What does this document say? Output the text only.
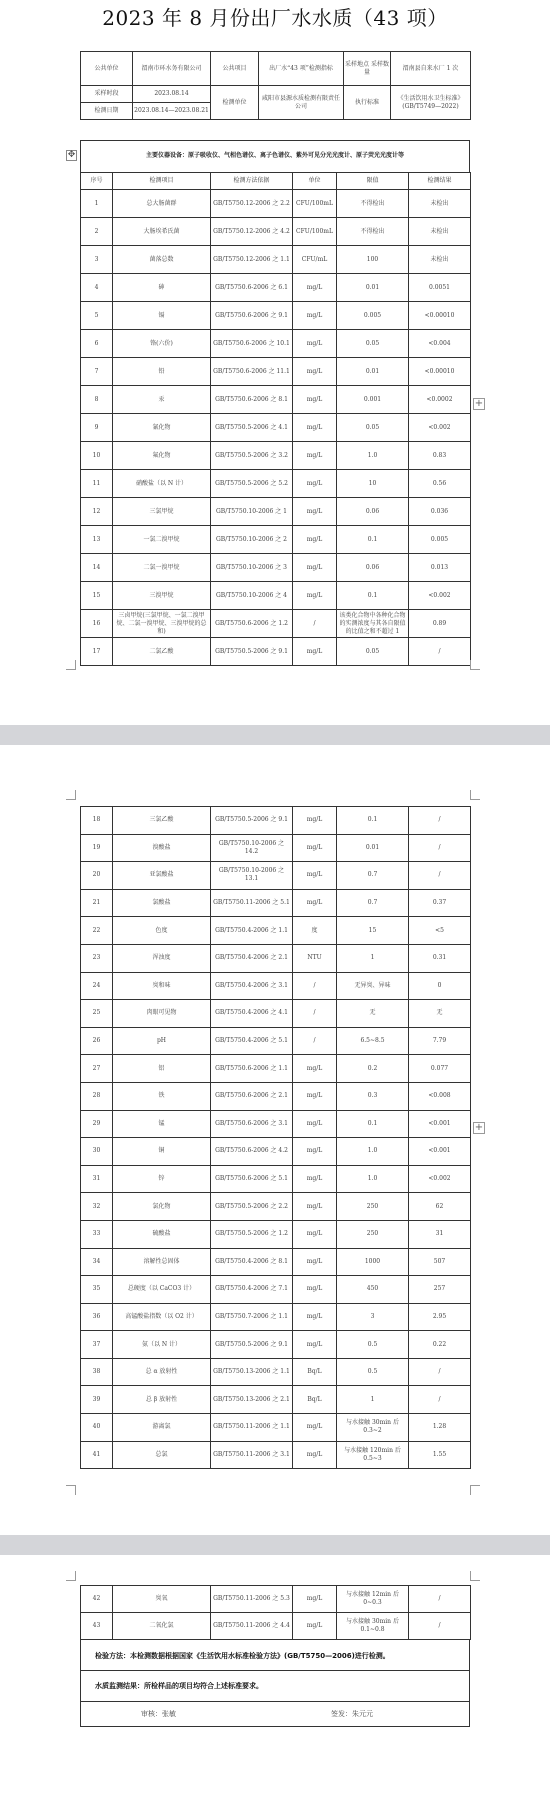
2023 年 8 月份出厂水水质（43 项）
公共单位	渭南市环水务有限公司	公共项目	出厂水“43 项”检测指标	采样地点 采样数量	渭南县自来水厂 1 次
采样时段	2023.08.14	检测单位	咸阳市县源水质检测有限责任公司	执行标准	《生活饮用水卫生标准》(GB/T5749—2022)
检测日期	2023.08.14—2023.08.21				
✥	主要仪器设备：原子吸收仪、气相色谱仪、离子色谱仪、紫外可见分光光度计、原子荧光光度计等
序号	检测项目	检测方法依据	单位	限值	检测结果
1	总大肠菌群	GB/T5750.12-2006 之 2.2	CFU/100mL	不得检出	未检出
2	大肠埃希氏菌	GB/T5750.12-2006 之 4.2	CFU/100mL	不得检出	未检出
3	菌落总数	GB/T5750.12-2006 之 1.1	CFU/mL	100	未检出
4	砷	GB/T5750.6-2006 之 6.1	mg/L	0.01	0.0051
5	镉	GB/T5750.6-2006 之 9.1	mg/L	0.005	<0.00010
6	铬(六价)	GB/T5750.6-2006 之 10.1	mg/L	0.05	<0.004
7	铅	GB/T5750.6-2006 之 11.1	mg/L	0.01	<0.00010
8	汞	GB/T5750.6-2006 之 8.1	mg/L	0.001	<0.0002
9	氰化物	GB/T5750.5-2006 之 4.1	mg/L	0.05	<0.002
10	氟化物	GB/T5750.5-2006 之 3.2	mg/L	1.0	0.83
11	硝酸盐（以 N 计）	GB/T5750.5-2006 之 5.2	mg/L	10	0.56
12	三氯甲烷	GB/T5750.10-2006 之 1	mg/L	0.06	0.036
13	一氯二溴甲烷	GB/T5750.10-2006 之 2	mg/L	0.1	0.005
14	二氯一溴甲烷	GB/T5750.10-2006 之 3	mg/L	0.06	0.013
15	三溴甲烷	GB/T5750.10-2006 之 4	mg/L	0.1	<0.002
16	三卤甲烷(三氯甲烷、一氯二溴甲烷、二氯一溴甲烷、三溴甲烷的总和)	GB/T5750.6-2006 之 1.2	/	该类化合物中各种化合物的实测浓度与其各自限值的比值之和不超过 1	0.89
17	二氯乙酸	GB/T5750.5-2006 之 9.1	mg/L	0.05	/
+
+
18	三氯乙酸	GB/T5750.5-2006 之 9.1	mg/L	0.1	/
19	溴酸盐	GB/T5750.10-2006 之 14.2	mg/L	0.01	/
20	亚氯酸盐	GB/T5750.10-2006 之 13.1	mg/L	0.7	/
21	氯酸盐	GB/T5750.11-2006 之 5.1	mg/L	0.7	0.37
22	色度	GB/T5750.4-2006 之 1.1	度	15	<5
23	浑浊度	GB/T5750.4-2006 之 2.1	NTU	1	0.31
24	臭和味	GB/T5750.4-2006 之 3.1	/	无异臭、异味	0
25	肉眼可见物	GB/T5750.4-2006 之 4.1	/	无	无
26	pH	GB/T5750.4-2006 之 5.1	/	6.5~8.5	7.79
27	铝	GB/T5750.6-2006 之 1.1	mg/L	0.2	0.077
28	铁	GB/T5750.6-2006 之 2.1	mg/L	0.3	<0.008
29	锰	GB/T5750.6-2006 之 3.1	mg/L	0.1	<0.001
30	铜	GB/T5750.6-2006 之 4.2	mg/L	1.0	<0.001
31	锌	GB/T5750.6-2006 之 5.1	mg/L	1.0	<0.002
32	氯化物	GB/T5750.5-2006 之 2.2	mg/L	250	62
33	硫酸盐	GB/T5750.5-2006 之 1.2	mg/L	250	31
34	溶解性总固体	GB/T5750.4-2006 之 8.1	mg/L	1000	507
35	总硬度（以 CaCO3 计）	GB/T5750.4-2006 之 7.1	mg/L	450	257
36	高锰酸盐指数（以 O2 计）	GB/T5750.7-2006 之 1.1	mg/L	3	2.95
37	氨（以 N 计）	GB/T5750.5-2006 之 9.1	mg/L	0.5	0.22
38	总 α 放射性	GB/T5750.13-2006 之 1.1	Bq/L	0.5	/
39	总 β 放射性	GB/T5750.13-2006 之 2.1	Bq/L	1	/
40	游离氯	GB/T5750.11-2006 之 1.1	mg/L	与水接触 30min 后 0.3~2	1.28
41	总氯	GB/T5750.11-2006 之 3.1	mg/L	与水接触 120min 后 0.5~3	1.55
42	臭氧	GB/T5750.11-2006 之 5.3	mg/L	与水接触 12min 后 0~0.3	/
43	二氧化氯	GB/T5750.11-2006 之 4.4	mg/L	与水接触 30min 后 0.1~0.8	/
检验方法：本检测数据根据国家《生活饮用水标准检验方法》(GB/T5750—2006)进行检测。
水质监测结果：所检样品的项目均符合上述标准要求。
审核：张敏	签发：朱元元
